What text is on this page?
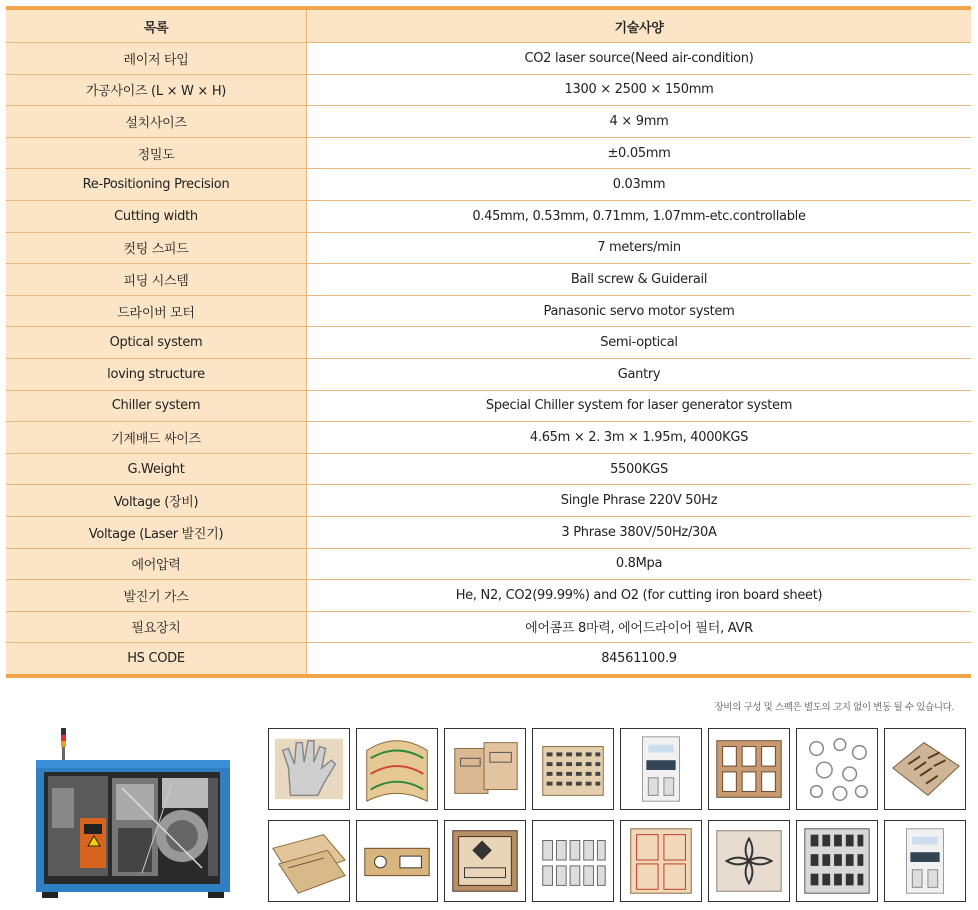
목록	기술사양
레이저 타입	CO2 laser source(Need air-condition)
가공사이즈 (L × W × H)	1300 × 2500 × 150mm
설치사이즈	4 × 9mm
정밀도	±0.05mm
Re-Positioning Precision	0.03mm
Cutting width	0.45mm, 0.53mm, 0.71mm, 1.07mm-etc.controllable
컷팅 스피드	7 meters/min
피딩 시스템	Ball screw & Guiderail
드라이버 모터	Panasonic servo motor system
Optical system	Semi-optical
loving structure	Gantry
Chiller system	Special Chiller system for laser generator system
기계배드 싸이즈	4.65m × 2. 3m × 1.95m, 4000KGS
G.Weight	5500KGS
Voltage (장비)	Single Phrase 220V 50Hz
Voltage (Laser 발진기)	3 Phrase 380V/50Hz/30A
에어압력	0.8Mpa
발진기 가스	He, N2, CO2(99.99%) and O2 (for cutting iron board sheet)
필요장치	에어콤프 8마력, 에어드라이어 필터, AVR
HS CODE	84561100.9
장비의 구성 및 스펙은 별도의 고지 없이 변동 될 수 있습니다.
